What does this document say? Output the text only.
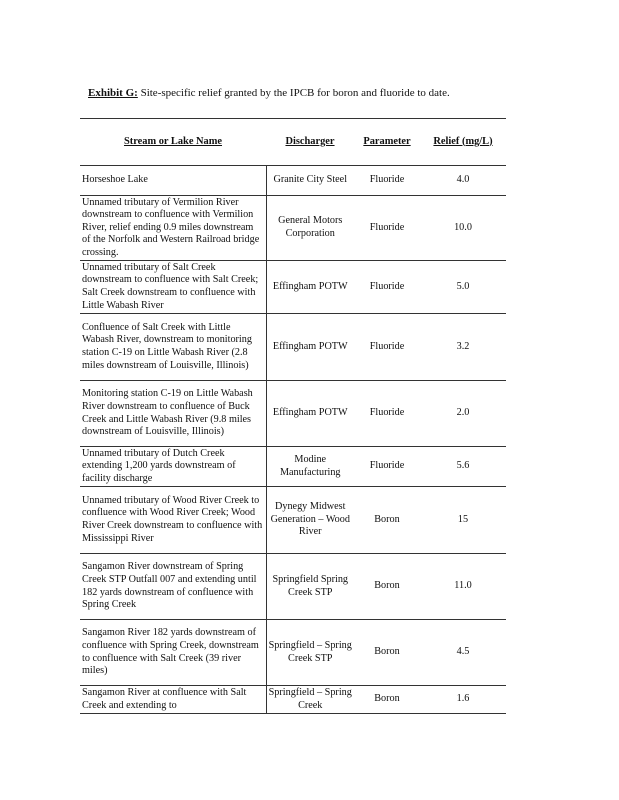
Exhibit G: Site-specific relief granted by the IPCB for boron and fluoride to date.
Stream or Lake Name	Discharger	Parameter	Relief (mg/L)
Horseshoe Lake	Granite City Steel	Fluoride	4.0
Unnamed tributary of Vermilion River downstream to confluence with Vermilion River, relief ending 0.9 miles downstream of the Norfolk and Western Railroad bridge crossing.	General Motors Corporation	Fluoride	10.0
Unnamed tributary of Salt Creek downstream to confluence with Salt Creek; Salt Creek downstream to confluence with Little Wabash River	Effingham POTW	Fluoride	5.0
Confluence of Salt Creek with Little Wabash River, downstream to monitoring station C-19 on Little Wabash River (2.8 miles downstream of Louisville, Illinois)	Effingham POTW	Fluoride	3.2
Monitoring station C-19 on Little Wabash River downstream to confluence of Buck Creek and Little Wabash River (9.8 miles downstream of Louisville, Illinois)	Effingham POTW	Fluoride	2.0
Unnamed tributary of Dutch Creek extending 1,200 yards downstream of facility discharge	Modine Manufacturing	Fluoride	5.6
Unnamed tributary of Wood River Creek to confluence with Wood River Creek; Wood River Creek downstream to confluence with Mississippi River	Dynegy Midwest Generation – Wood River	Boron	15
Sangamon River downstream of Spring Creek STP Outfall 007 and extending until 182 yards downstream of confluence with Spring Creek	Springfield Spring Creek STP	Boron	11.0
Sangamon River 182 yards downstream of confluence with Spring Creek, downstream to confluence with Salt Creek (39 river miles)	Springfield – Spring Creek STP	Boron	4.5
Sangamon River at confluence with Salt Creek and extending to	Springfield – Spring Creek	Boron	1.6
